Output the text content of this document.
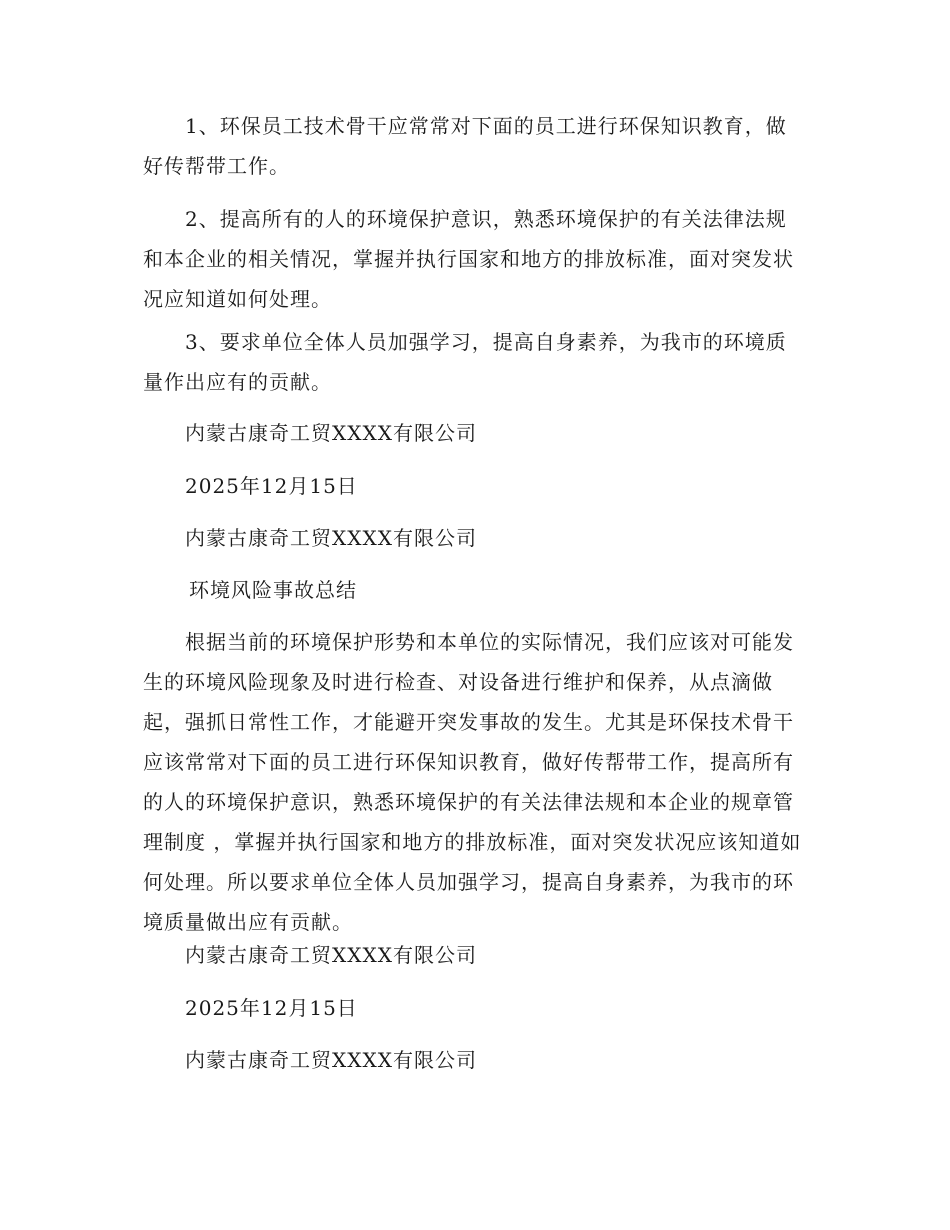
1、环保员工技术骨干应常常对下面的员工进行环保知识教育，做好传帮带工作。

2、提高所有的人的环境保护意识，熟悉环境保护的有关法律法规和本企业的相关情况，掌握并执行国家和地方的排放标准，面对突发状况应知道如何处理。

3、要求单位全体人员加强学习，提高自身素养，为我市的环境质量作出应有的贡献。

内蒙古康奇工贸XXXX有限公司

2025年12月15日

内蒙古康奇工贸XXXX有限公司

环境风险事故总结

根据当前的环境保护形势和本单位的实际情况，我们应该对可能发生的环境风险现象及时进行检查、对设备进行维护和保养，从点滴做起，强抓日常性工作，才能避开突发事故的发生。尤其是环保技术骨干应该常常对下面的员工进行环保知识教育，做好传帮带工作，提高所有的人的环境保护意识，熟悉环境保护的有关法律法规和本企业的规章管理制度 ，掌握并执行国家和地方的排放标准，面对突发状况应该知道如何处理。所以要求单位全体人员加强学习，提高自身素养，为我市的环境质量做出应有贡献。

内蒙古康奇工贸XXXX有限公司

2025年12月15日

内蒙古康奇工贸XXXX有限公司
